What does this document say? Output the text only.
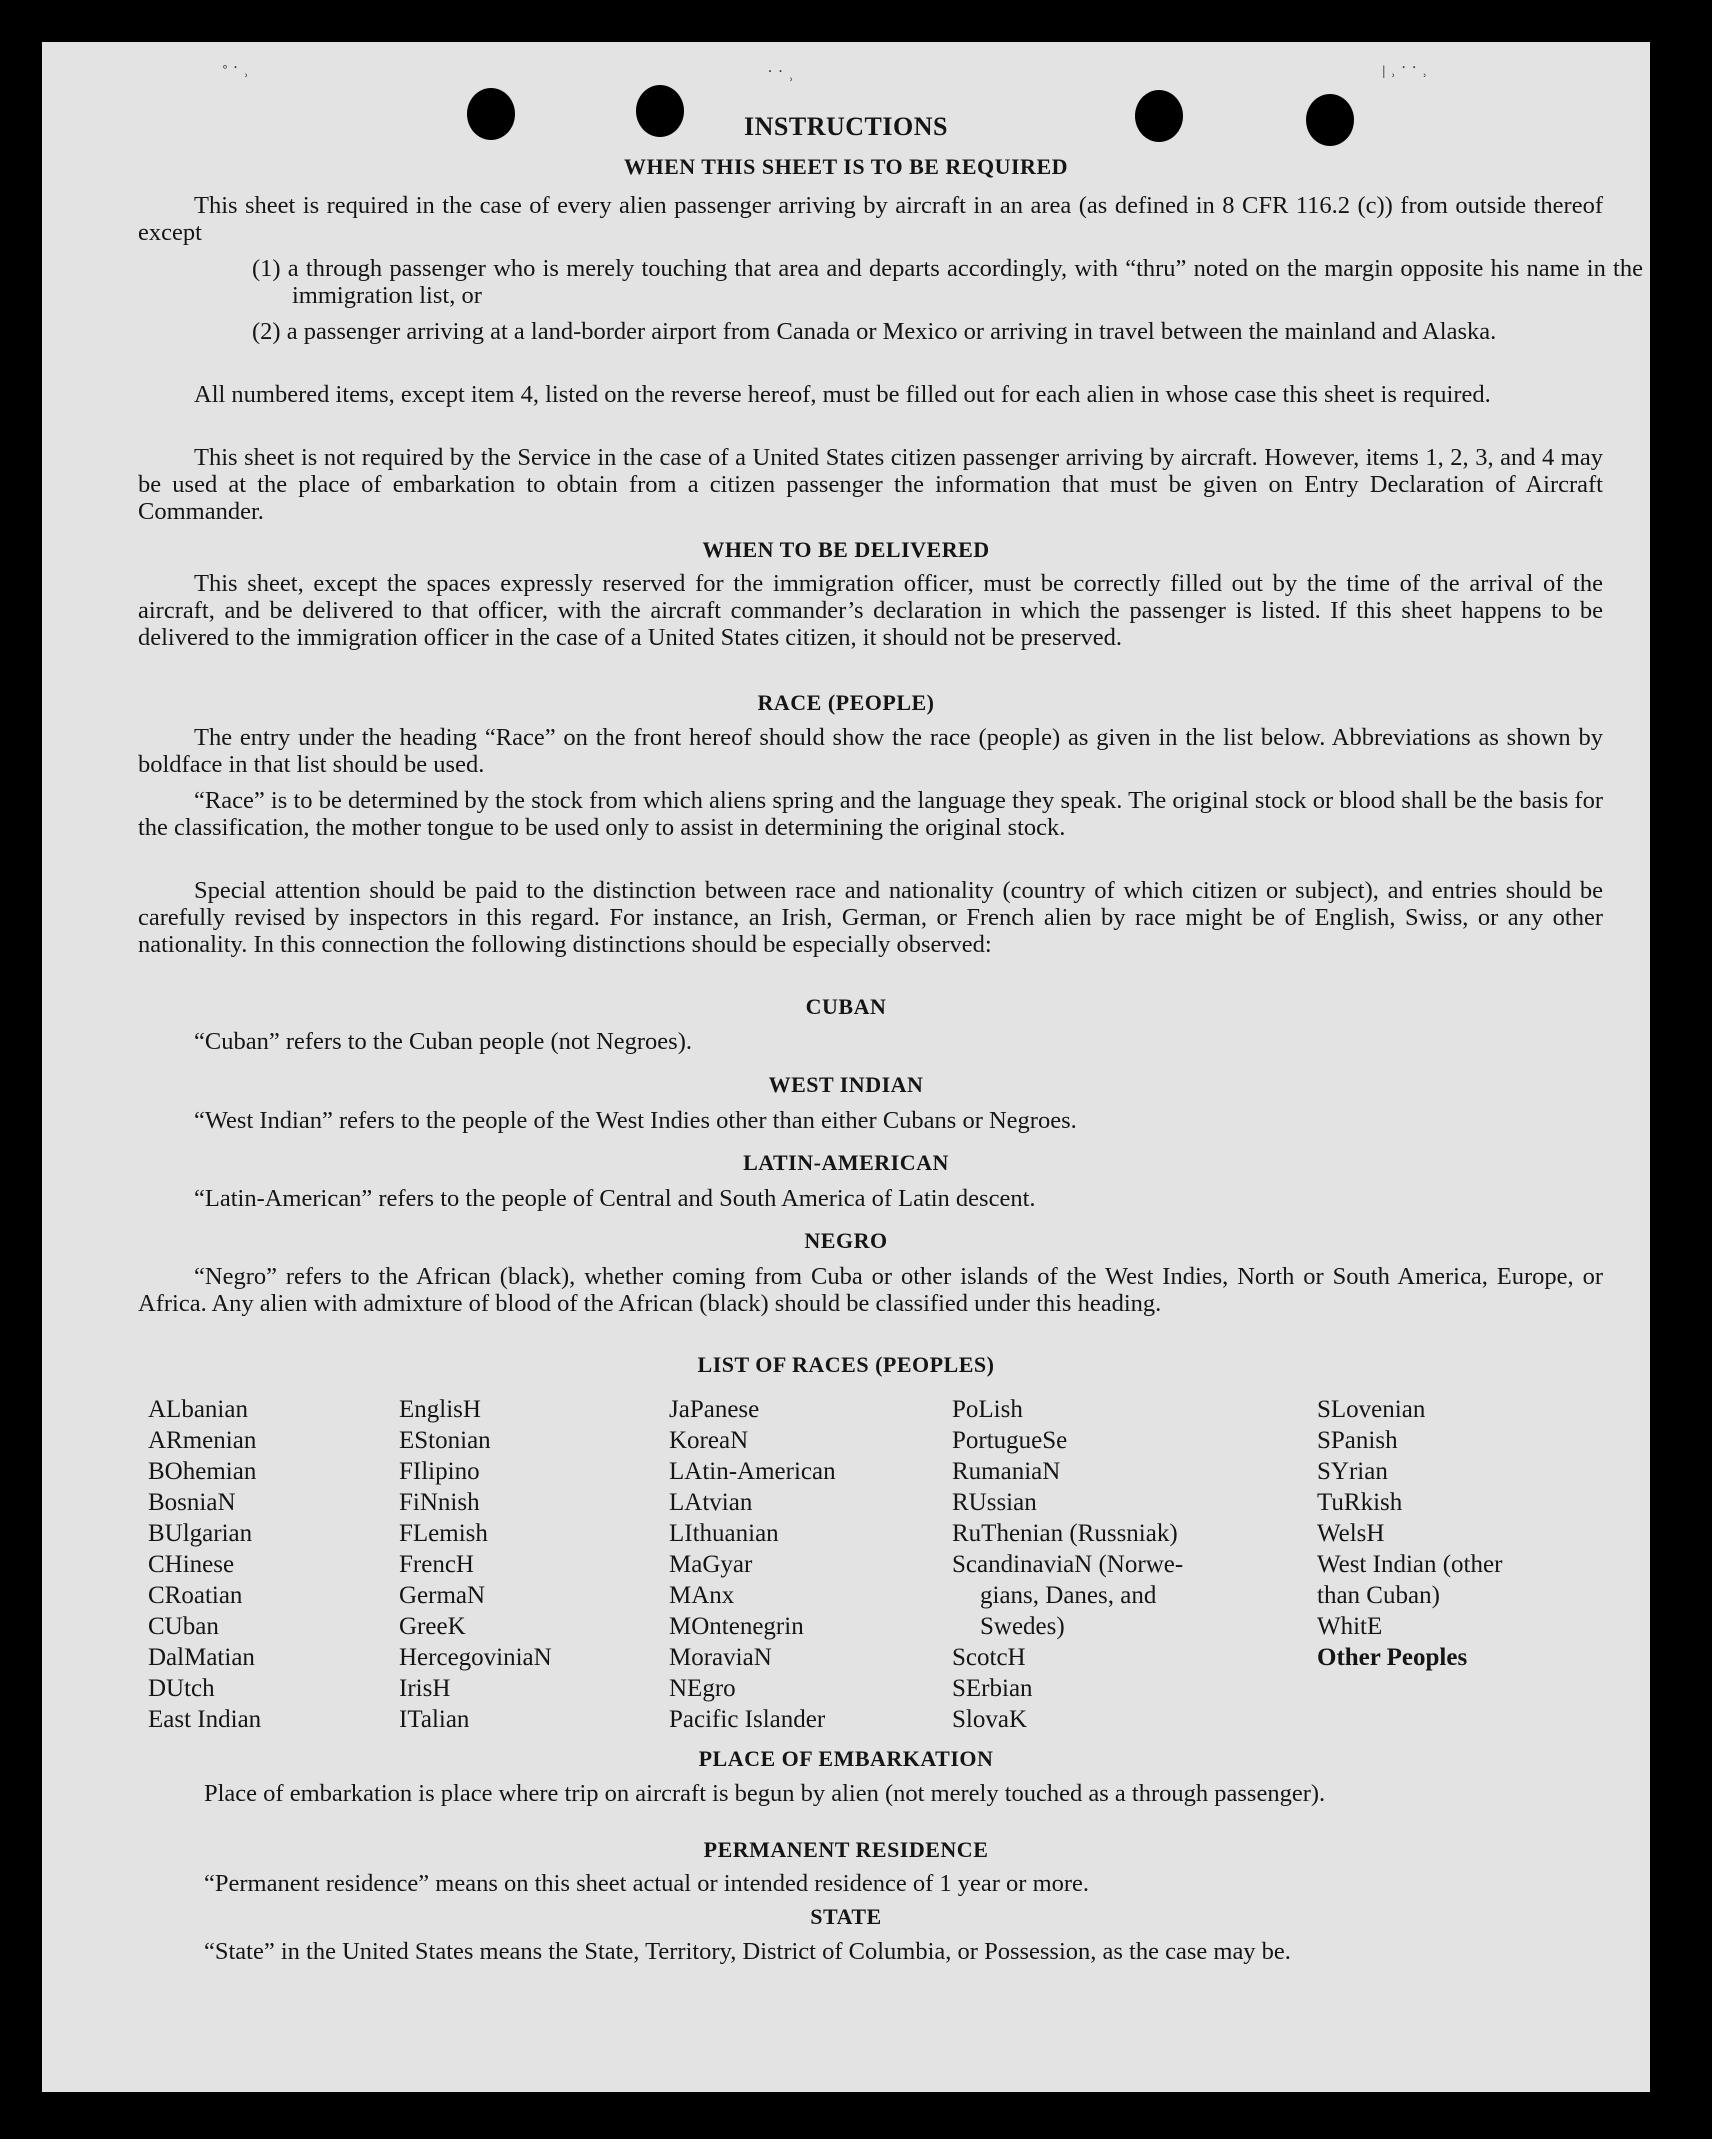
˚ ˙ ˒	˙ ˙ ˒	ǀ ˒ ˙ ˙ ˒
INSTRUCTIONS
WHEN THIS SHEET IS TO BE REQUIRED
This sheet is required in the case of every alien passenger arriving by aircraft in an area (as defined in 8 CFR 116.2 (c)) from outside thereof except
(1) a through passenger who is merely touching that area and departs accordingly, with “thru” noted on the margin opposite his name in the immigration list, or
(2) a passenger arriving at a land-border airport from Canada or Mexico or arriving in travel between the mainland and Alaska.
All numbered items, except item 4, listed on the reverse hereof, must be filled out for each alien in whose case this sheet is required.
This sheet is not required by the Service in the case of a United States citizen passenger arriving by aircraft. However, items 1, 2, 3, and 4 may be used at the place of embarkation to obtain from a citizen passenger the information that must be given on Entry Declaration of Aircraft Commander.
WHEN TO BE DELIVERED
This sheet, except the spaces expressly reserved for the immigration officer, must be correctly filled out by the time of the arrival of the aircraft, and be delivered to that officer, with the aircraft commander’s declaration in which the passenger is listed. If this sheet happens to be delivered to the immigration officer in the case of a United States citizen, it should not be preserved.
RACE (PEOPLE)
The entry under the heading “Race” on the front hereof should show the race (people) as given in the list below. Abbreviations as shown by boldface in that list should be used.
“Race” is to be determined by the stock from which aliens spring and the language they speak. The original stock or blood shall be the basis for the classification, the mother tongue to be used only to assist in determining the original stock.
Special attention should be paid to the distinction between race and nationality (country of which citizen or subject), and entries should be carefully revised by inspectors in this regard. For instance, an Irish, German, or French alien by race might be of English, Swiss, or any other nationality. In this connection the following distinctions should be especially observed:
CUBAN
“Cuban” refers to the Cuban people (not Negroes).
WEST INDIAN
“West Indian” refers to the people of the West Indies other than either Cubans or Negroes.
LATIN-AMERICAN
“Latin-American” refers to the people of Central and South America of Latin descent.
NEGRO
“Negro” refers to the African (black), whether coming from Cuba or other islands of the West Indies, North or South America, Europe, or Africa. Any alien with admixture of blood of the African (black) should be classified under this heading.
LIST OF RACES (PEOPLES)
ALbanian
ARmenian
BOhemian
BosniaN
BUlgarian
CHinese
CRoatian
CUban
DalMatian
DUtch
East Indian
EnglisH
EStonian
FIlipino
FiNnish
FLemish
FrencH
GermaN
GreeK
HercegoviniaN
IrisH
ITalian
JaPanese
KoreaN
LAtin-American
LAtvian
LIthuanian
MaGyar
MAnx
MOntenegrin
MoraviaN
NEgro
Pacific Islander
PoLish
PortugueSe
RumaniaN
RUssian
RuThenian (Russniak)
ScandinaviaN (Norwe-
gians, Danes, and
Swedes)
ScotcH
SErbian
SlovaK
SLovenian
SPanish
SYrian
TuRkish
WelsH
West Indian (other
than Cuban)
WhitE
Other Peoples
PLACE OF EMBARKATION
Place of embarkation is place where trip on aircraft is begun by alien (not merely touched as a through passenger).
PERMANENT RESIDENCE
“Permanent residence” means on this sheet actual or intended residence of 1 year or more.
STATE
“State” in the United States means the State, Territory, District of Columbia, or Possession, as the case may be.
